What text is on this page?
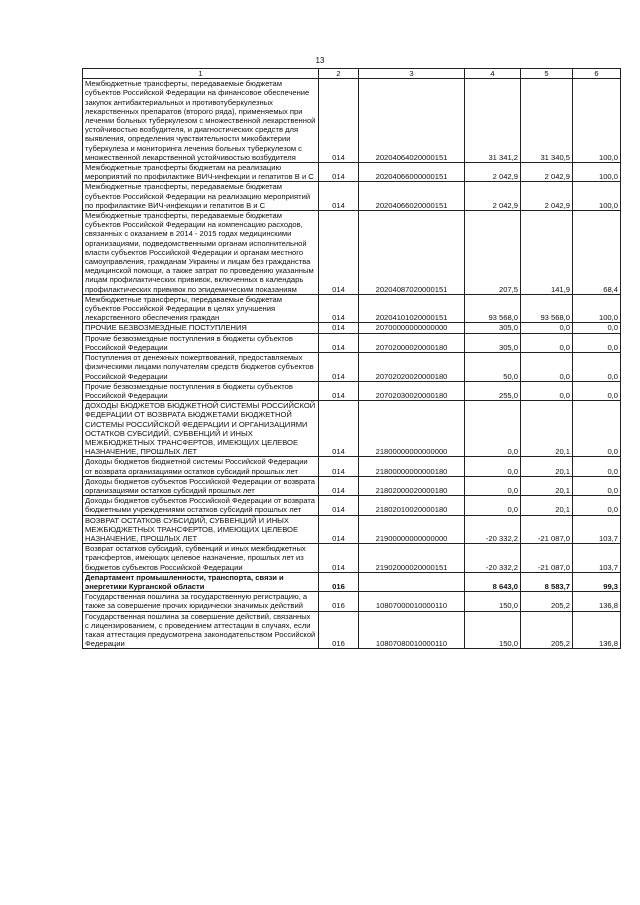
13
1	2	3	4	5	6
Межбюджетные трансферты, передаваемые бюджетам субъектов Российской Федерации на финансовое обеспечение закупок антибактериальных и противотуберкулезных лекарственных препаратов (второго ряда), применяемых при лечении больных туберкулезом с множественной лекарственной устойчивостью возбудителя, и диагностических средств для выявления, определения чувствительности микобактерии туберкулеза и мониторинга лечения больных туберкулезом с множественной лекарственной устойчивостью возбудителя	014	20204064020000151	31 341,2	31 340,5	100,0
Межбюджетные трансферты бюджетам на реализацию мероприятий по профилактике ВИЧ-инфекции и гепатитов В и С	014	20204066000000151	2 042,9	2 042,9	100,0
Межбюджетные трансферты, передаваемые бюджетам субъектов Российской Федерации на реализацию мероприятий по профилактике ВИЧ-инфекции и гепатитов В и С	014	20204066020000151	2 042,9	2 042,9	100,0
Межбюджетные трансферты, передаваемые бюджетам субъектов Российской Федерации на компенсацию расходов, связанных с оказанием в 2014 - 2015 годах медицинскими организациями, подведомственными органам исполнительной власти субъектов Российской Федерации и органам местного самоуправления, гражданам Украины и лицам без гражданства медицинской помощи, а также затрат по проведению указанным лицам профилактических прививок, включенных в календарь профилактических прививок по эпидемическим показаниям	014	20204087020000151	207,5	141,9	68,4
Межбюджетные трансферты, передаваемые бюджетам субъектов Российской Федерации в целях улучшения лекарственного обеспечения граждан	014	20204101020000151	93 568,0	93 568,0	100,0
ПРОЧИЕ БЕЗВОЗМЕЗДНЫЕ ПОСТУПЛЕНИЯ	014	20700000000000000	305,0	0,0	0,0
Прочие безвозмездные поступления в бюджеты субъектов Российской Федерации	014	20702000020000180	305,0	0,0	0,0
Поступления от денежных пожертвований, предоставляемых физическими лицами получателям средств бюджетов субъектов Российской Федерации	014	20702020020000180	50,0	0,0	0,0
Прочие безвозмездные поступления в бюджеты субъектов Российской Федерации	014	20702030020000180	255,0	0,0	0,0
ДОХОДЫ БЮДЖЕТОВ БЮДЖЕТНОЙ СИСТЕМЫ РОССИЙСКОЙ ФЕДЕРАЦИИ ОТ ВОЗВРАТА БЮДЖЕТАМИ БЮДЖЕТНОЙ СИСТЕМЫ РОССИЙСКОЙ ФЕДЕРАЦИИ И ОРГАНИЗАЦИЯМИ ОСТАТКОВ СУБСИДИЙ, СУБВЕНЦИЙ И ИНЫХ МЕЖБЮДЖЕТНЫХ ТРАНСФЕРТОВ, ИМЕЮЩИХ ЦЕЛЕВОЕ НАЗНАЧЕНИЕ, ПРОШЛЫХ ЛЕТ	014	21800000000000000	0,0	20,1	0,0
Доходы бюджетов бюджетной системы Российской Федерации от возврата организациями остатков субсидий прошлых лет	014	21800000000000180	0,0	20,1	0,0
Доходы бюджетов субъектов Российской Федерации от возврата организациями остатков субсидий прошлых лет	014	21802000020000180	0,0	20,1	0,0
Доходы бюджетов субъектов Российской Федерации от возврата бюджетными учреждениями остатков субсидий прошлых лет	014	21802010020000180	0,0	20,1	0,0
ВОЗВРАТ ОСТАТКОВ СУБСИДИЙ, СУБВЕНЦИЙ И ИНЫХ МЕЖБЮДЖЕТНЫХ ТРАНСФЕРТОВ, ИМЕЮЩИХ ЦЕЛЕВОЕ НАЗНАЧЕНИЕ, ПРОШЛЫХ ЛЕТ	014	21900000000000000	-20 332,2	-21 087,0	103,7
Возврат остатков субсидий, субвенций и иных межбюджетных трансфертов, имеющих целевое назначение, прошлых лет из бюджетов субъектов Российской Федерации	014	21902000020000151	-20 332,2	-21 087,0	103,7
Департамент промышленности, транспорта, связи и энергетики Курганской области	016		8 643,0	8 583,7	99,3
Государственная пошлина за государственную регистрацию, а также за совершение прочих юридически значимых действий	016	10807000010000110	150,0	205,2	136,8
Государственная пошлина за совершение действий, связанных с лицензированием, с проведением аттестации в случаях, если такая аттестация предусмотрена законодательством Российской Федерации	016	10807080010000110	150,0	205,2	136,8
